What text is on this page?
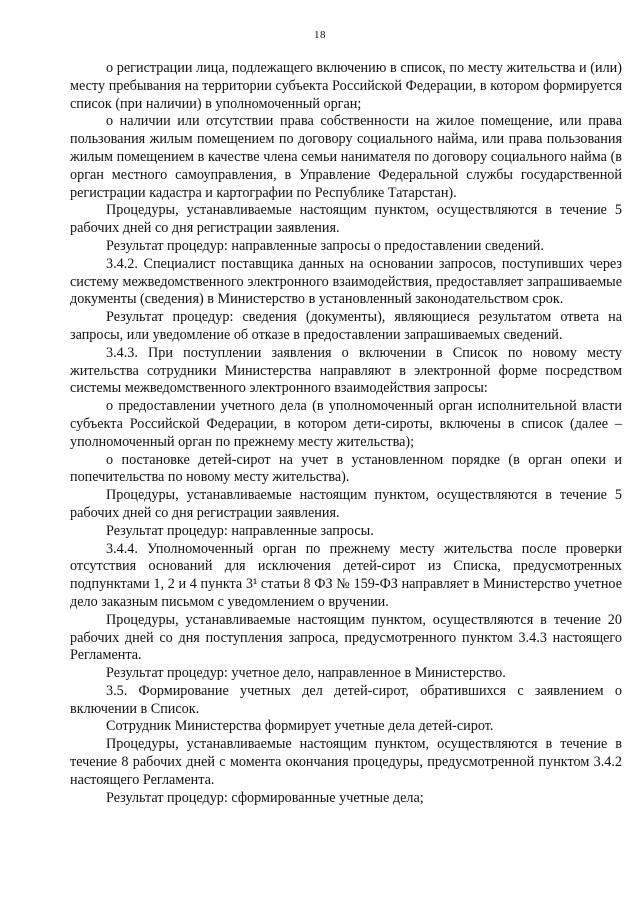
18

о регистрации лица, подлежащего включению в список, по месту жительства и (или) месту пребывания на территории субъекта Российской Федерации, в котором формируется список (при наличии) в уполномоченный орган;

о наличии или отсутствии права собственности на жилое помещение, или права пользования жилым помещением по договору социального найма, или права пользования жилым помещением в качестве члена семьи нанимателя по договору социального найма (в орган местного самоуправления, в Управление Федеральной службы государственной регистрации кадастра и картографии по Республике Татарстан).

Процедуры, устанавливаемые настоящим пунктом, осуществляются в течение 5 рабочих дней со дня регистрации заявления.

Результат процедур: направленные запросы о предоставлении сведений.

3.4.2. Специалист поставщика данных на основании запросов, поступивших через систему межведомственного электронного взаимодействия, предоставляет запрашиваемые документы (сведения) в Министерство в установленный законодательством срок.

Результат процедур: сведения (документы), являющиеся результатом ответа на запросы, или уведомление об отказе в предоставлении запрашиваемых сведений.

3.4.3. При поступлении заявления о включении в Список по новому месту жительства сотрудники Министерства направляют в электронной форме посредством системы межведомственного электронного взаимодействия запросы:

о предоставлении учетного дела (в уполномоченный орган исполнительной власти субъекта Российской Федерации, в котором дети-сироты, включены в список (далее –уполномоченный орган по прежнему месту жительства);

о постановке детей-сирот на учет в установленном порядке (в орган опеки и попечительства по новому месту жительства).

Процедуры, устанавливаемые настоящим пунктом, осуществляются в течение 5 рабочих дней со дня регистрации заявления.

Результат процедур: направленные запросы.

3.4.4. Уполномоченный орган по прежнему месту жительства после проверки отсутствия оснований для исключения детей-сирот из Списка, предусмотренных подпунктами 1, 2 и 4 пункта 3¹ статьи 8 ФЗ № 159-ФЗ направляет в Министерство учетное дело заказным письмом с уведомлением о вручении.

Процедуры, устанавливаемые настоящим пунктом, осуществляются в течение 20 рабочих дней со дня поступления запроса, предусмотренного пунктом 3.4.3 настоящего Регламента.

Результат процедур: учетное дело, направленное в Министерство.

3.5. Формирование учетных дел детей-сирот, обратившихся с заявлением о включении в Список.

Сотрудник Министерства формирует учетные дела детей-сирот.

Процедуры, устанавливаемые настоящим пунктом, осуществляются в течение в течение 8 рабочих дней с момента окончания процедуры, предусмотренной пунктом 3.4.2 настоящего Регламента.

Результат процедур: сформированные учетные дела;
